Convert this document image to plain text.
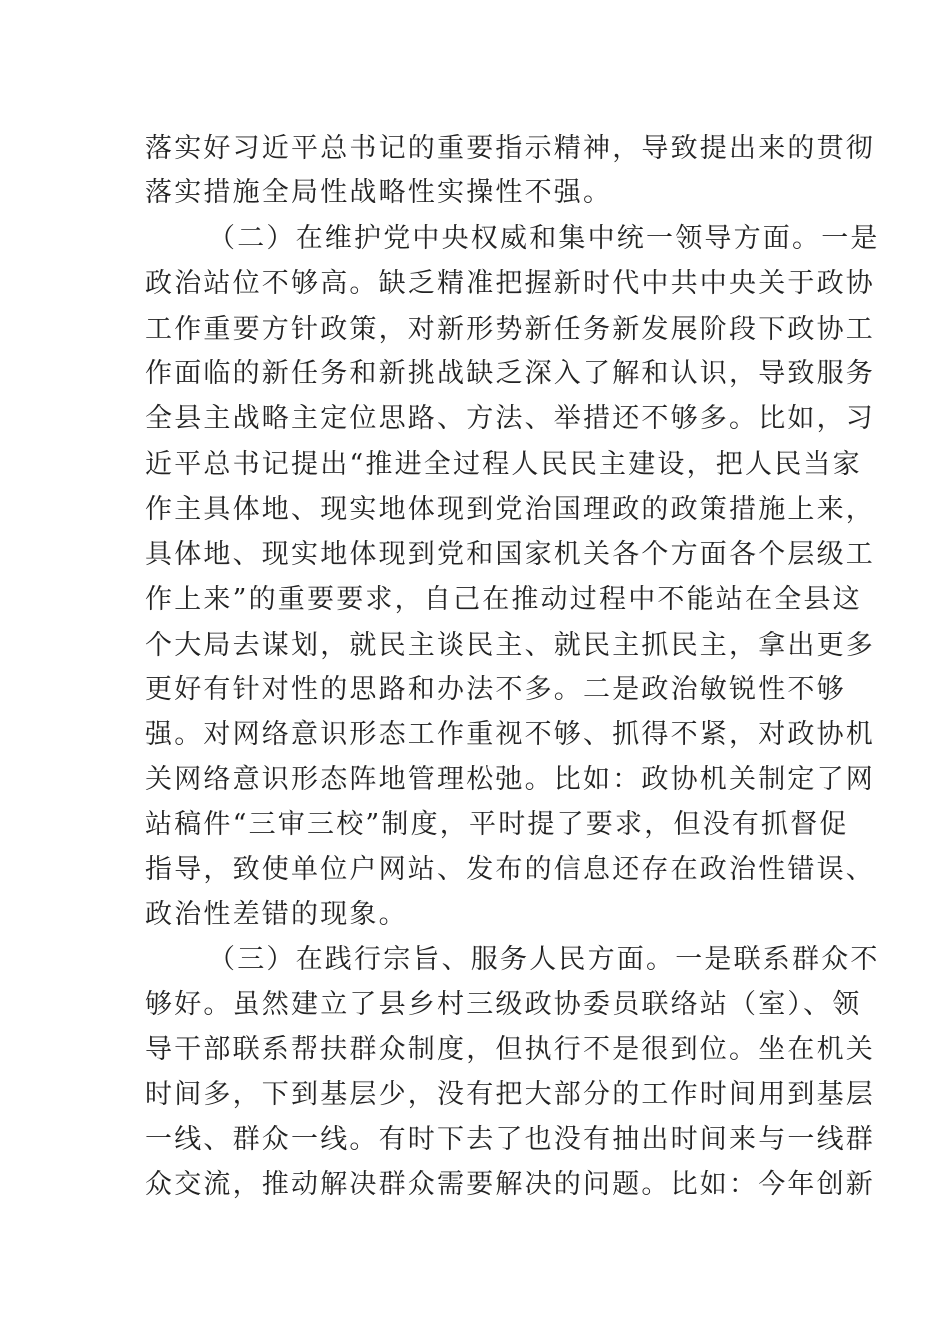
落实好习近平总书记的重要指示精神，导致提出来的贯彻
落实措施全局性战略性实操性不强。
（二）在维护党中央权威和集中统一领导方面。一是
政治站位不够高。缺乏精准把握新时代中共中央关于政协
工作重要方针政策，对新形势新任务新发展阶段下政协工
作面临的新任务和新挑战缺乏深入了解和认识，导致服务
全县主战略主定位思路、方法、举措还不够多。比如，习
近平总书记提出“推进全过程人民民主建设，把人民当家
作主具体地、现实地体现到党治国理政的政策措施上来，
具体地、现实地体现到党和国家机关各个方面各个层级工
作上来”的重要要求，自己在推动过程中不能站在全县这
个大局去谋划，就民主谈民主、就民主抓民主，拿出更多
更好有针对性的思路和办法不多。二是政治敏锐性不够
强。对网络意识形态工作重视不够、抓得不紧，对政协机
关网络意识形态阵地管理松弛。比如：政协机关制定了网
站稿件“三审三校”制度，平时提了要求，但没有抓督促
指导，致使单位户网站、发布的信息还存在政治性错误、
政治性差错的现象。
（三）在践行宗旨、服务人民方面。一是联系群众不
够好。虽然建立了县乡村三级政协委员联络站（室）、领
导干部联系帮扶群众制度，但执行不是很到位。坐在机关
时间多，下到基层少，没有把大部分的工作时间用到基层
一线、群众一线。有时下去了也没有抽出时间来与一线群
众交流，推动解决群众需要解决的问题。比如：今年创新
